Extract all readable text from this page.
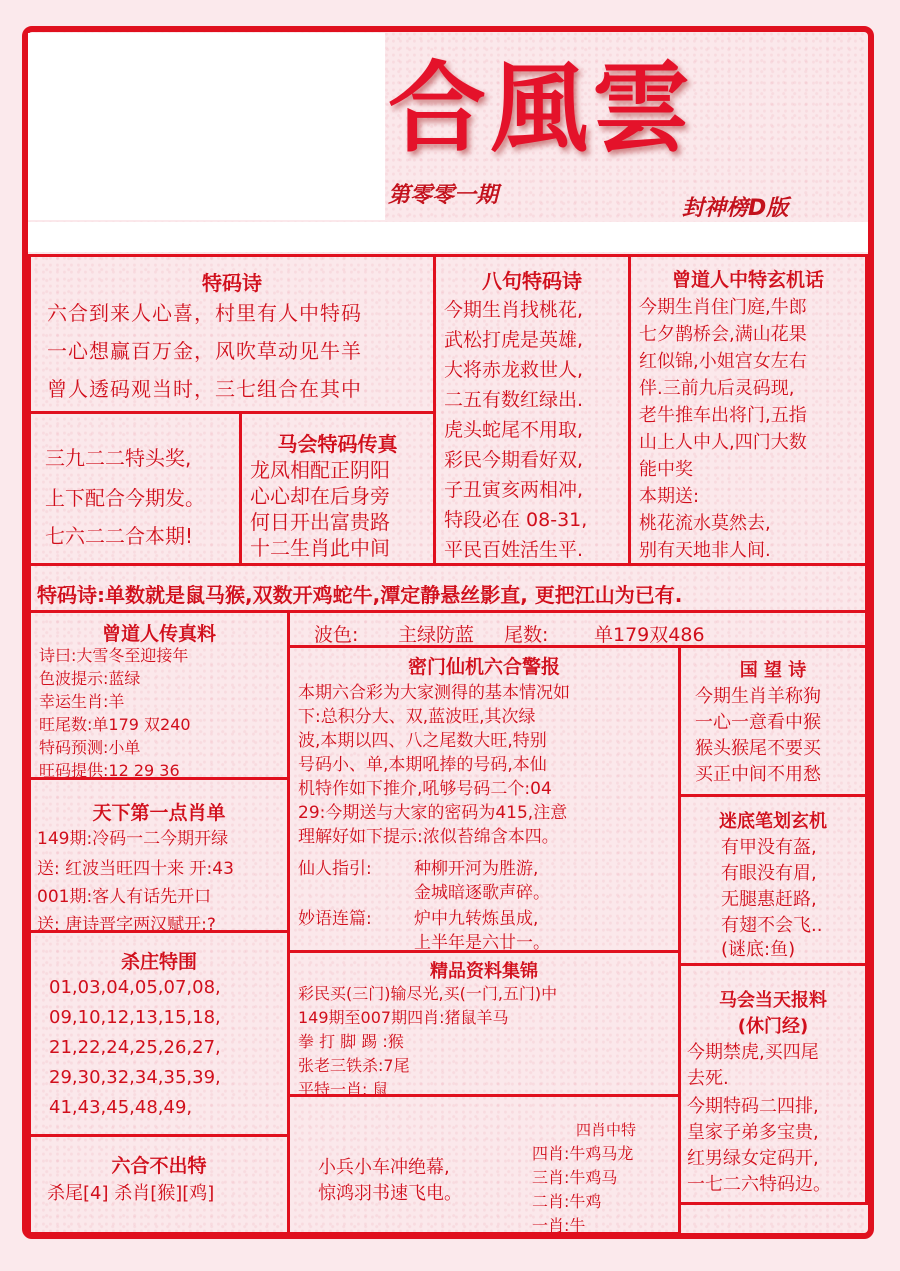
合風雲
第零零一期
封神榜D版
特码诗
六合到来人心喜，村里有人中特码
一心想赢百万金，风吹草动见牛羊
曾人透码观当时，三七组合在其中
八句特码诗
今期生肖找桃花,
武松打虎是英雄,
大将赤龙救世人,
二五有数红绿出.
虎头蛇尾不用取,
彩民今期看好双,
子丑寅亥两相冲,
特段必在 08-31,
平民百姓活生平.
曾道人中特玄机话
今期生肖住门庭,牛郎
七夕鹊桥会,满山花果
红似锦,小姐宫女左右
伴.三前九后灵码现,
老牛推车出将门,五指
山上人中人,四门大数
能中奖
本期送:
桃花流水莫然去,
别有天地非人间.
三九二二特头奖,
上下配合今期发。
七六二二合本期!
马会特码传真
龙凤相配正阴阳
心心却在后身旁
何日开出富贵路
十二生肖此中间
特码诗:单数就是鼠马猴,双数开鸡蛇牛,潭定静悬丝影直, 更把江山为已有.
曾道人传真料
诗曰:大雪冬至迎接年
色波提示:蓝绿
幸运生肖:羊
旺尾数:单179 双240
特码预测:小单
旺码提供:12 29 36
波色: 主绿防蓝 尾数: 单179双486
密门仙机六合警报
本期六合彩为大家测得的基本情况如
下:总积分大、双,蓝波旺,其次绿
波,本期以四、八之尾数大旺,特别
号码小、单,本期吼捧的号码,本仙
机特作如下推介,吼够号码二个:04
29:今期送与大家的密码为415,注意
理解好如下提示:浓似苔绵含本四。
仙人指引: 种柳开河为胜游,
金城暗逐歌声碎。
妙语连篇: 炉中九转炼虽成,
上半年是六廿一。
国 望 诗
今期生肖羊称狗
一心一意看中猴
猴头猴尾不要买
买正中间不用愁
天下第一点肖单
149期:冷码一二今期开绿
送: 红波当旺四十来 开:43
001期:客人有话先开口
送: 唐诗晋字两汉赋开:?
迷底笔划玄机
有甲没有盔,
有眼没有眉,
无腿惠赶路,
有翅不会飞..
(谜底:鱼)
杀庄特围
01,03,04,05,07,08,
09,10,12,13,15,18,
21,22,24,25,26,27,
29,30,32,34,35,39,
41,43,45,48,49,
精品资料集锦
彩民买(三门)输尽光,买(一门,五门)中
149期至007期四肖:猪鼠羊马
拳 打 脚 踢 :猴
张老三铁杀:7尾
平特一肖: 鼠
马会当天报料
(休门经)
今期禁虎,买四尾
去死.
今期特码二四排,
皇家子弟多宝贵,
红男绿女定码开,
一七二六特码边。
六合不出特
杀尾[4] 杀肖[猴][鸡]
小兵小车冲绝幕,
惊鸿羽书速飞电。
四肖中特
四肖:牛鸡马龙
三肖:牛鸡马
二肖:牛鸡
一肖:牛
